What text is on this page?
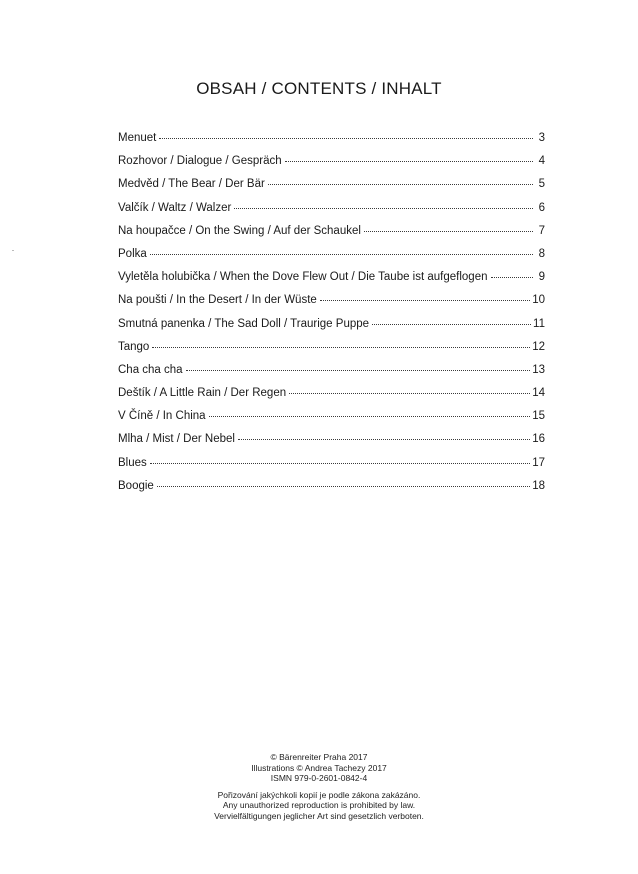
OBSAH / CONTENTS / INHALT
Menuet	3
Rozhovor / Dialogue / Gespräch	4
Medvěd / The Bear / Der Bär	5
Valčík / Waltz / Walzer	6
Na houpačce / On the Swing / Auf der Schaukel	7
Polka	8
Vyletěla holubička / When the Dove Flew Out / Die Taube ist aufgeflogen	9
Na poušti / In the Desert / In der Wüste	10
Smutná panenka / The Sad Doll / Traurige Puppe	11
Tango	12
Cha cha cha	13
Deštík / A Little Rain / Der Regen	14
V Číně / In China	15
Mlha / Mist / Der Nebel	16
Blues	17
Boogie	18
© Bärenreiter Praha 2017
Illustrations © Andrea Tachezy 2017
ISMN 979-0-2601-0842-4
Pořizování jakýchkoli kopií je podle zákona zakázáno.
Any unauthorized reproduction is prohibited by law.
Vervielfältigungen jeglicher Art sind gesetzlich verboten.
